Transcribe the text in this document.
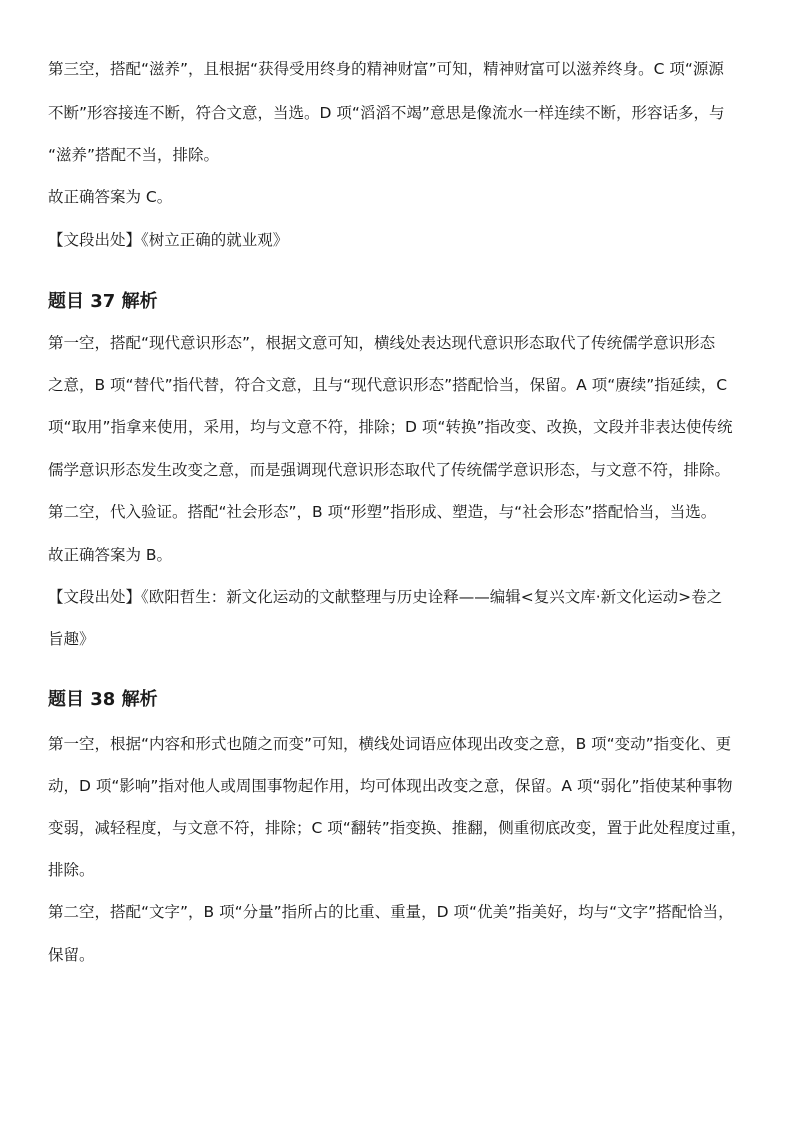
第三空，搭配“滋养”，且根据“获得受用终身的精神财富”可知，精神财富可以滋养终身。C 项“源源
不断”形容接连不断，符合文意，当选。D 项“滔滔不竭”意思是像流水一样连续不断，形容话多，与
“滋养”搭配不当，排除。
故正确答案为 C。
【文段出处】《树立正确的就业观》
题目 37 解析
第一空，搭配“现代意识形态”，根据文意可知，横线处表达现代意识形态取代了传统儒学意识形态
之意，B 项“替代”指代替，符合文意，且与“现代意识形态”搭配恰当，保留。A 项“赓续”指延续，C
项“取用”指拿来使用，采用，均与文意不符，排除；D 项“转换”指改变、改换，文段并非表达使传统
儒学意识形态发生改变之意，而是强调现代意识形态取代了传统儒学意识形态，与文意不符，排除。
第二空，代入验证。搭配“社会形态”，B 项“形塑”指形成、塑造，与“社会形态”搭配恰当，当选。
故正确答案为 B。
【文段出处】《欧阳哲生：新文化运动的文献整理与历史诠释——编辑<复兴文库·新文化运动>卷之
旨趣》
题目 38 解析
第一空，根据“内容和形式也随之而变”可知，横线处词语应体现出改变之意，B 项“变动”指变化、更
动，D 项“影响”指对他人或周围事物起作用，均可体现出改变之意，保留。A 项“弱化”指使某种事物
变弱，减轻程度，与文意不符，排除；C 项“翻转”指变换、推翻，侧重彻底改变，置于此处程度过重，
排除。
第二空，搭配“文字”，B 项“分量”指所占的比重、重量，D 项“优美”指美好，均与“文字”搭配恰当，
保留。
